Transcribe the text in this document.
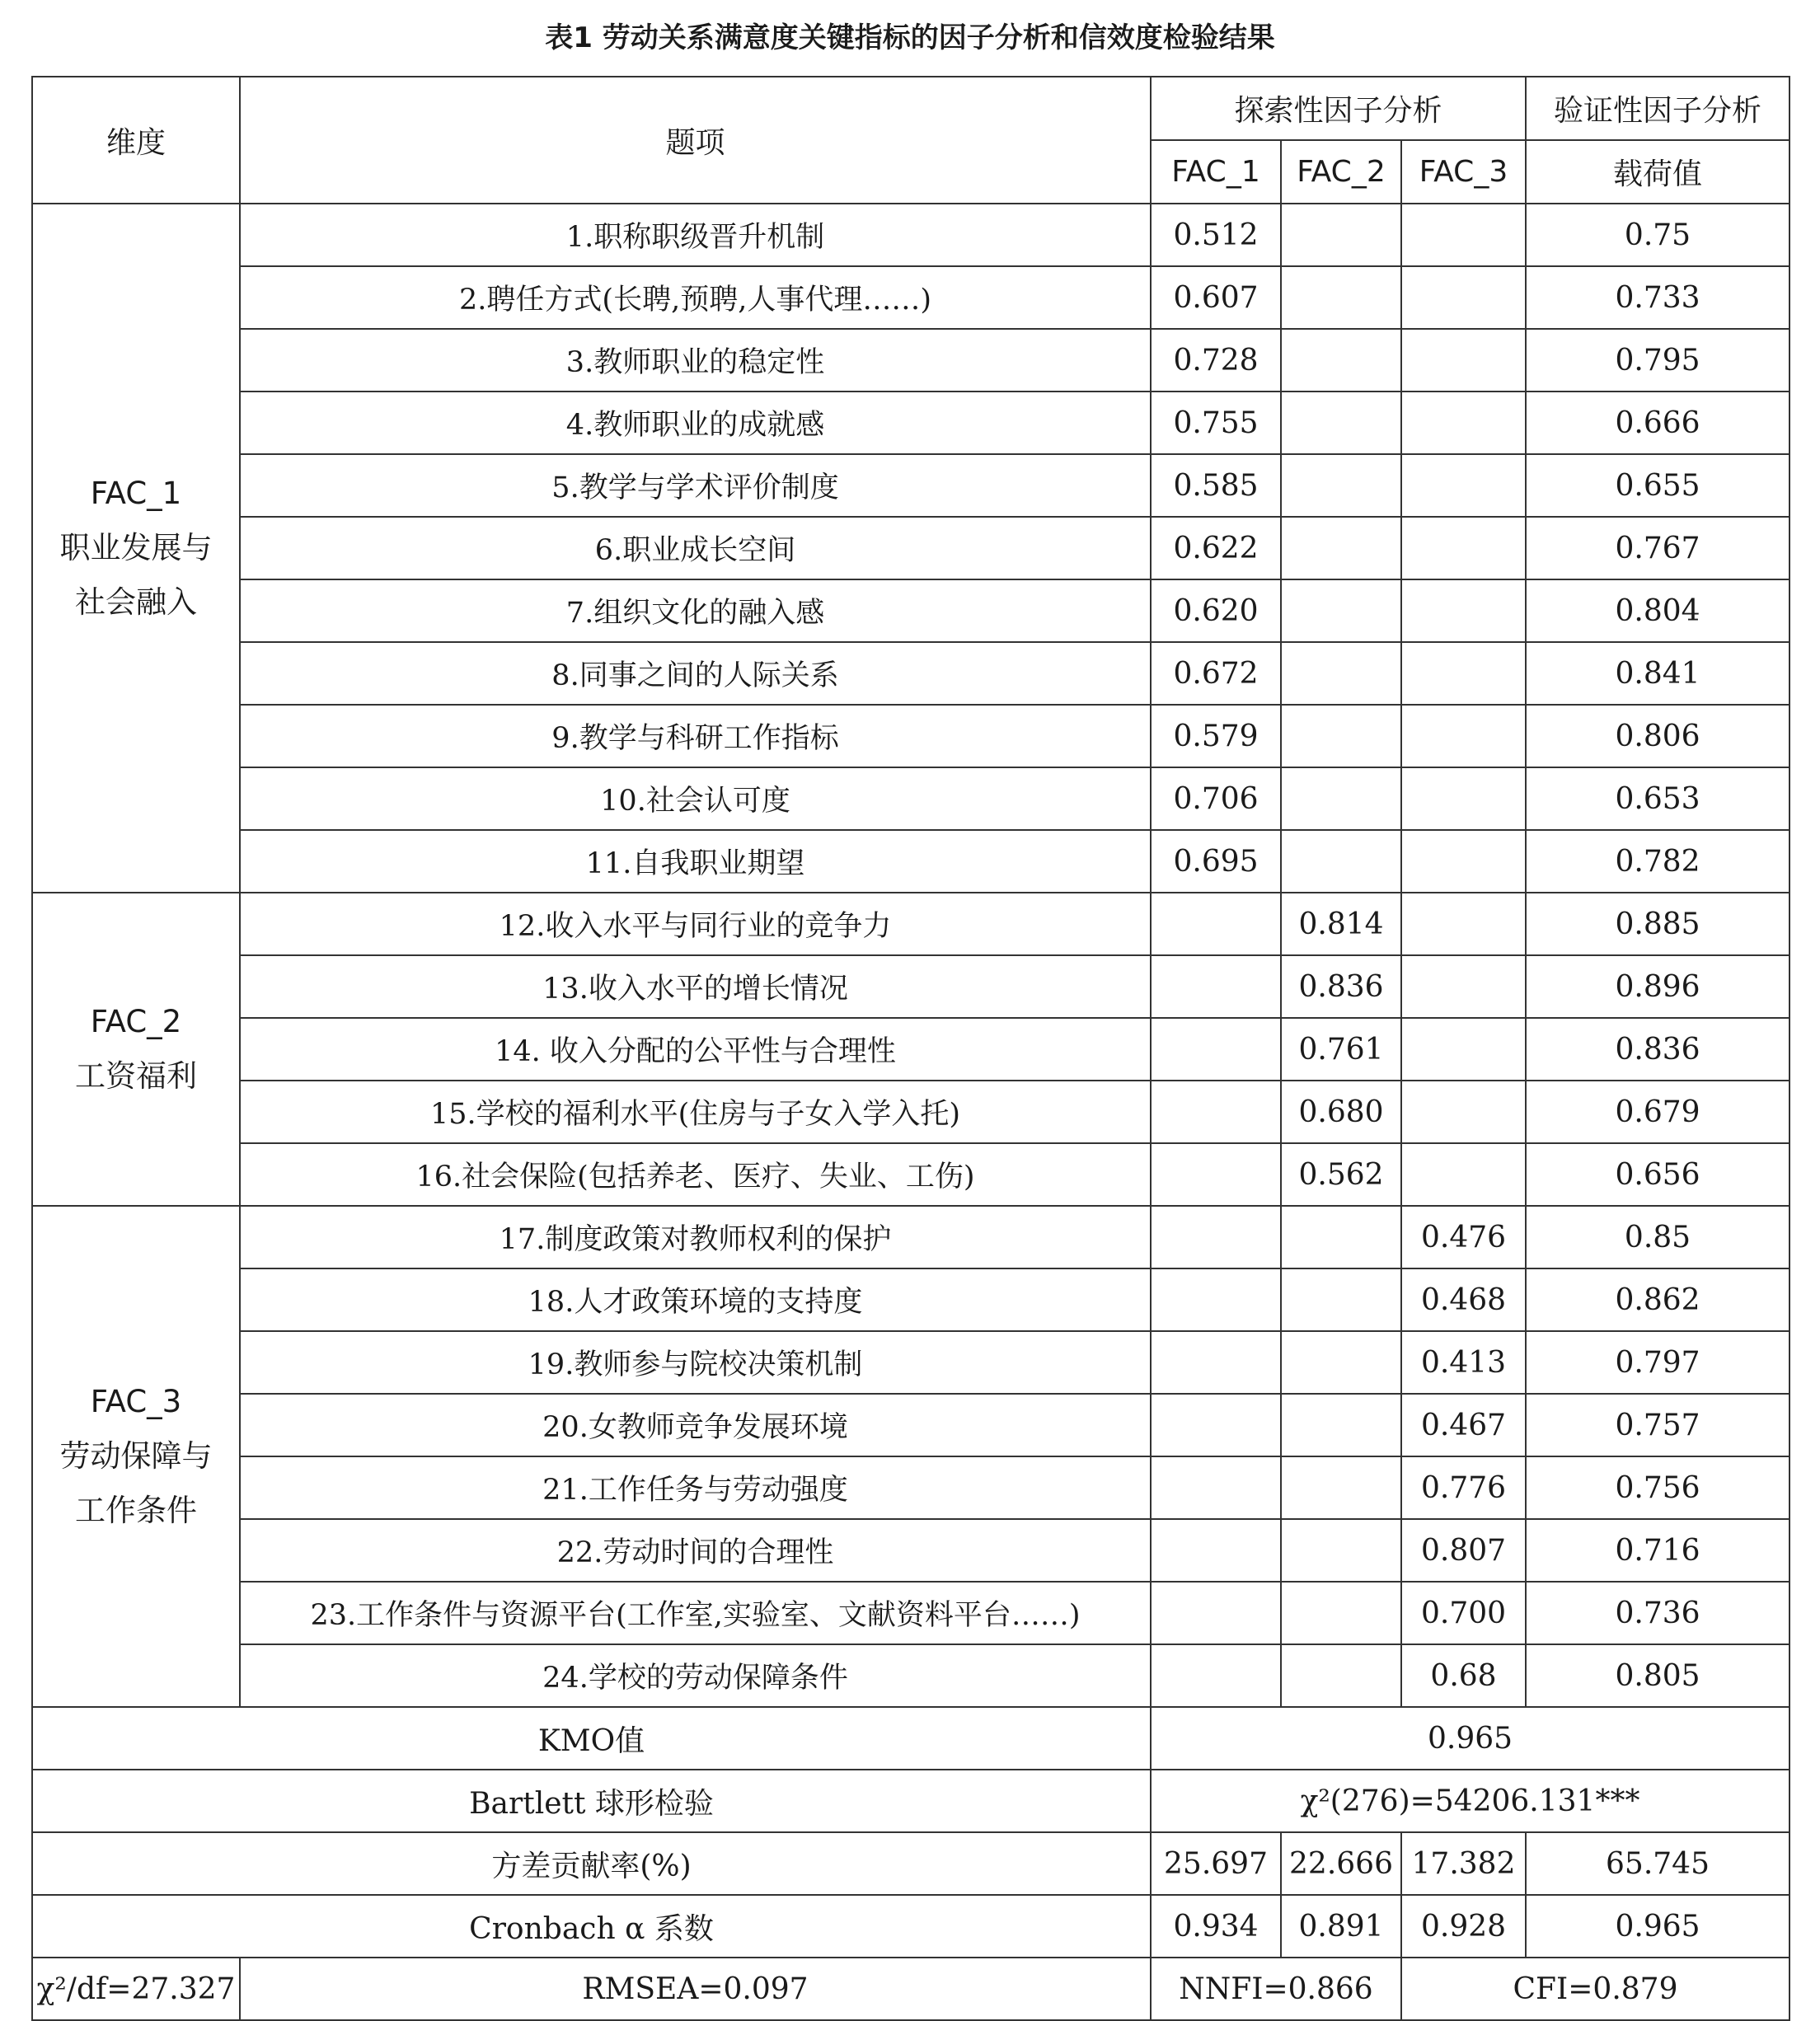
表1 劳动关系满意度关键指标的因子分析和信效度检验结果
维度	题项	探索性因子分析			验证性因子分析
		FAC_1	FAC_2	FAC_3	载荷值

FAC_1
职业发展与
社会融入	1.职称职级晋升机制	0.512			0.75
	2.聘任方式(长聘,预聘,人事代理……)	0.607			0.733
	3.教师职业的稳定性	0.728			0.795
	4.教师职业的成就感	0.755			0.666
	5.教学与学术评价制度	0.585			0.655
	6.职业成长空间	0.622			0.767
	7.组织文化的融入感	0.620			0.804
	8.同事之间的人际关系	0.672			0.841
	9.教学与科研工作指标	0.579			0.806
	10.社会认可度	0.706			0.653
	11.自我职业期望	0.695			0.782

FAC_2
工资福利	12.收入水平与同行业的竞争力		0.814		0.885
	13.收入水平的增长情况		0.836		0.896
	14. 收入分配的公平性与合理性		0.761		0.836
	15.学校的福利水平(住房与子女入学入托)		0.680		0.679
	16.社会保险(包括养老、医疗、失业、工伤)		0.562		0.656

FAC_3
劳动保障与
工作条件	17.制度政策对教师权利的保护			0.476	0.85
	18.人才政策环境的支持度			0.468	0.862
	19.教师参与院校决策机制			0.413	0.797
	20.女教师竞争发展环境			0.467	0.757
	21.工作任务与劳动强度			0.776	0.756
	22.劳动时间的合理性			0.807	0.716
	23.工作条件与资源平台(工作室,实验室、文献资料平台……)			0.700	0.736
	24.学校的劳动保障条件			0.68	0.805
KMO值		0.965			
Bartlett 球形检验		χ²(276)=54206.131***			
方差贡献率(%)		25.697	22.666	17.382	65.745
Cronbach α 系数		0.934	0.891	0.928	0.965
χ²/df=27.327	RMSEA=0.097	NNFI=0.866		CFI=0.879	
